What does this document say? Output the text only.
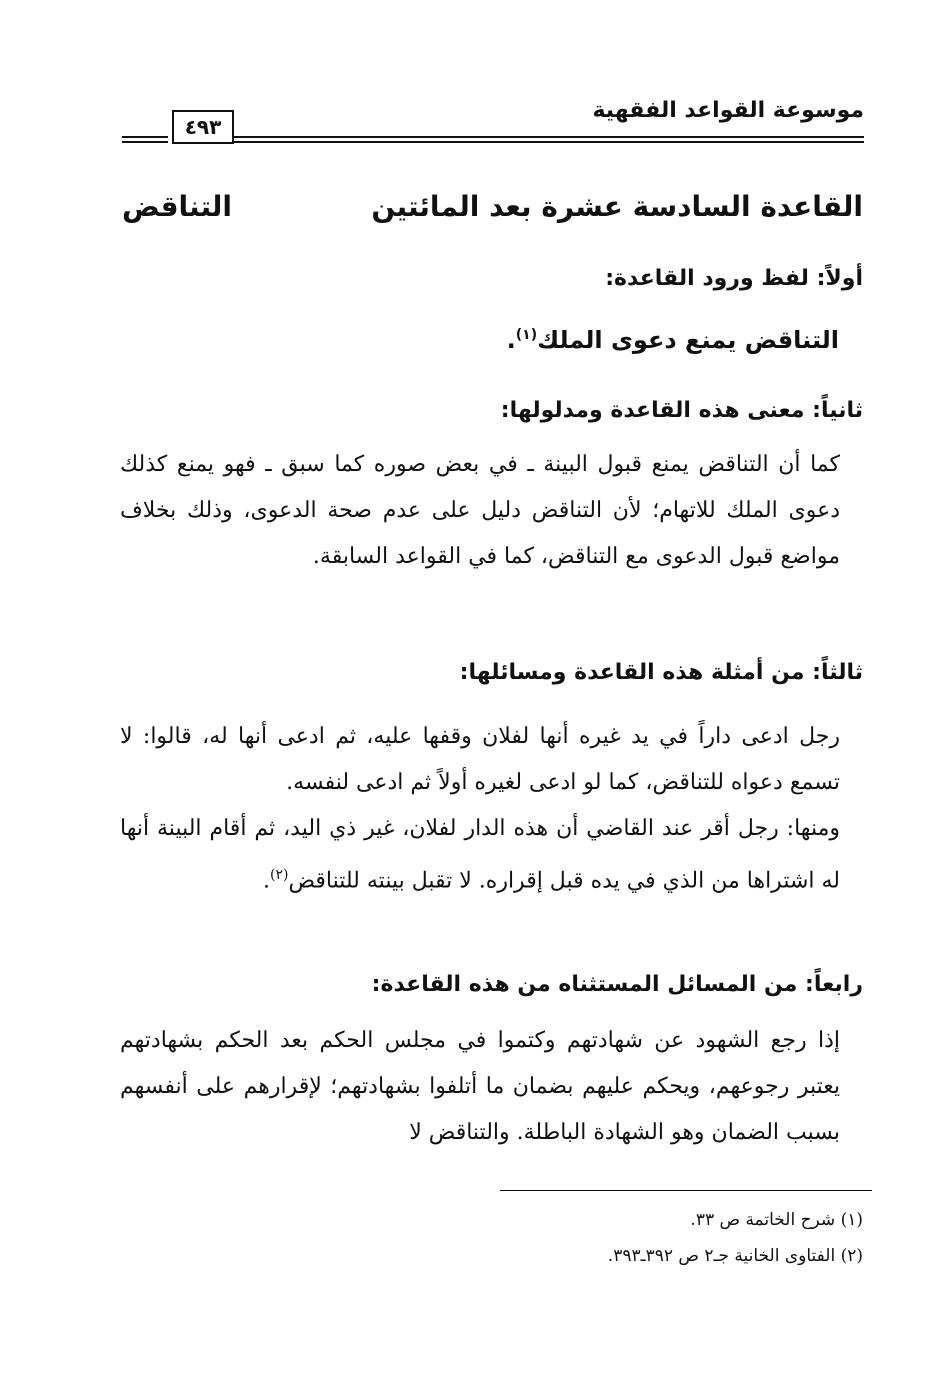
موسوعة القواعد الفقهية
٤٩٣
القاعدة السادسة عشرة بعد المائتين
التناقض
أولاً: لفظ ورود القاعدة:
التناقض يمنع دعوى الملك$^{(١)}$.
ثانياً: معنى هذه القاعدة ومدلولها:

كما أن التناقض يمنع قبول البينة ـ في بعض صوره كما سبق ـ فهو يمنع كذلك دعوى الملك للاتهام؛ لأن التناقض دليل على عدم صحة الدعوى، وذلك بخلاف مواضع قبول الدعوى مع التناقض، كما في القواعد السابقة.

ثالثاً: من أمثلة هذه القاعدة ومسائلها:

رجل ادعى داراً في يد غيره أنها لفلان وقفها عليه، ثم ادعى أنها له، قالوا: لا تسمع دعواه للتناقض، كما لو ادعى لغيره أولاً ثم ادعى لنفسه.

ومنها: رجل أقر عند القاضي أن هذه الدار لفلان، غير ذي اليد، ثم أقام البينة أنها له اشتراها من الذي في يده قبل إقراره. لا تقبل بينته للتناقض$^{(٢)}$.

رابعاً: من المسائل المستثناه من هذه القاعدة:

إذا رجع الشهود عن شهادتهم وكتموا في مجلس الحكم بعد الحكم بشهادتهم يعتبر رجوعهم، ويحكم عليهم بضمان ما أتلفوا بشهادتهم؛ لإقرارهم على أنفسهم بسبب الضمان وهو الشهادة الباطلة. والتناقض لا

(١) شرح الخاتمة ص ٣٣.
(٢) الفتاوى الخانية جـ٢ ص ٣٩٢ـ٣٩٣.
